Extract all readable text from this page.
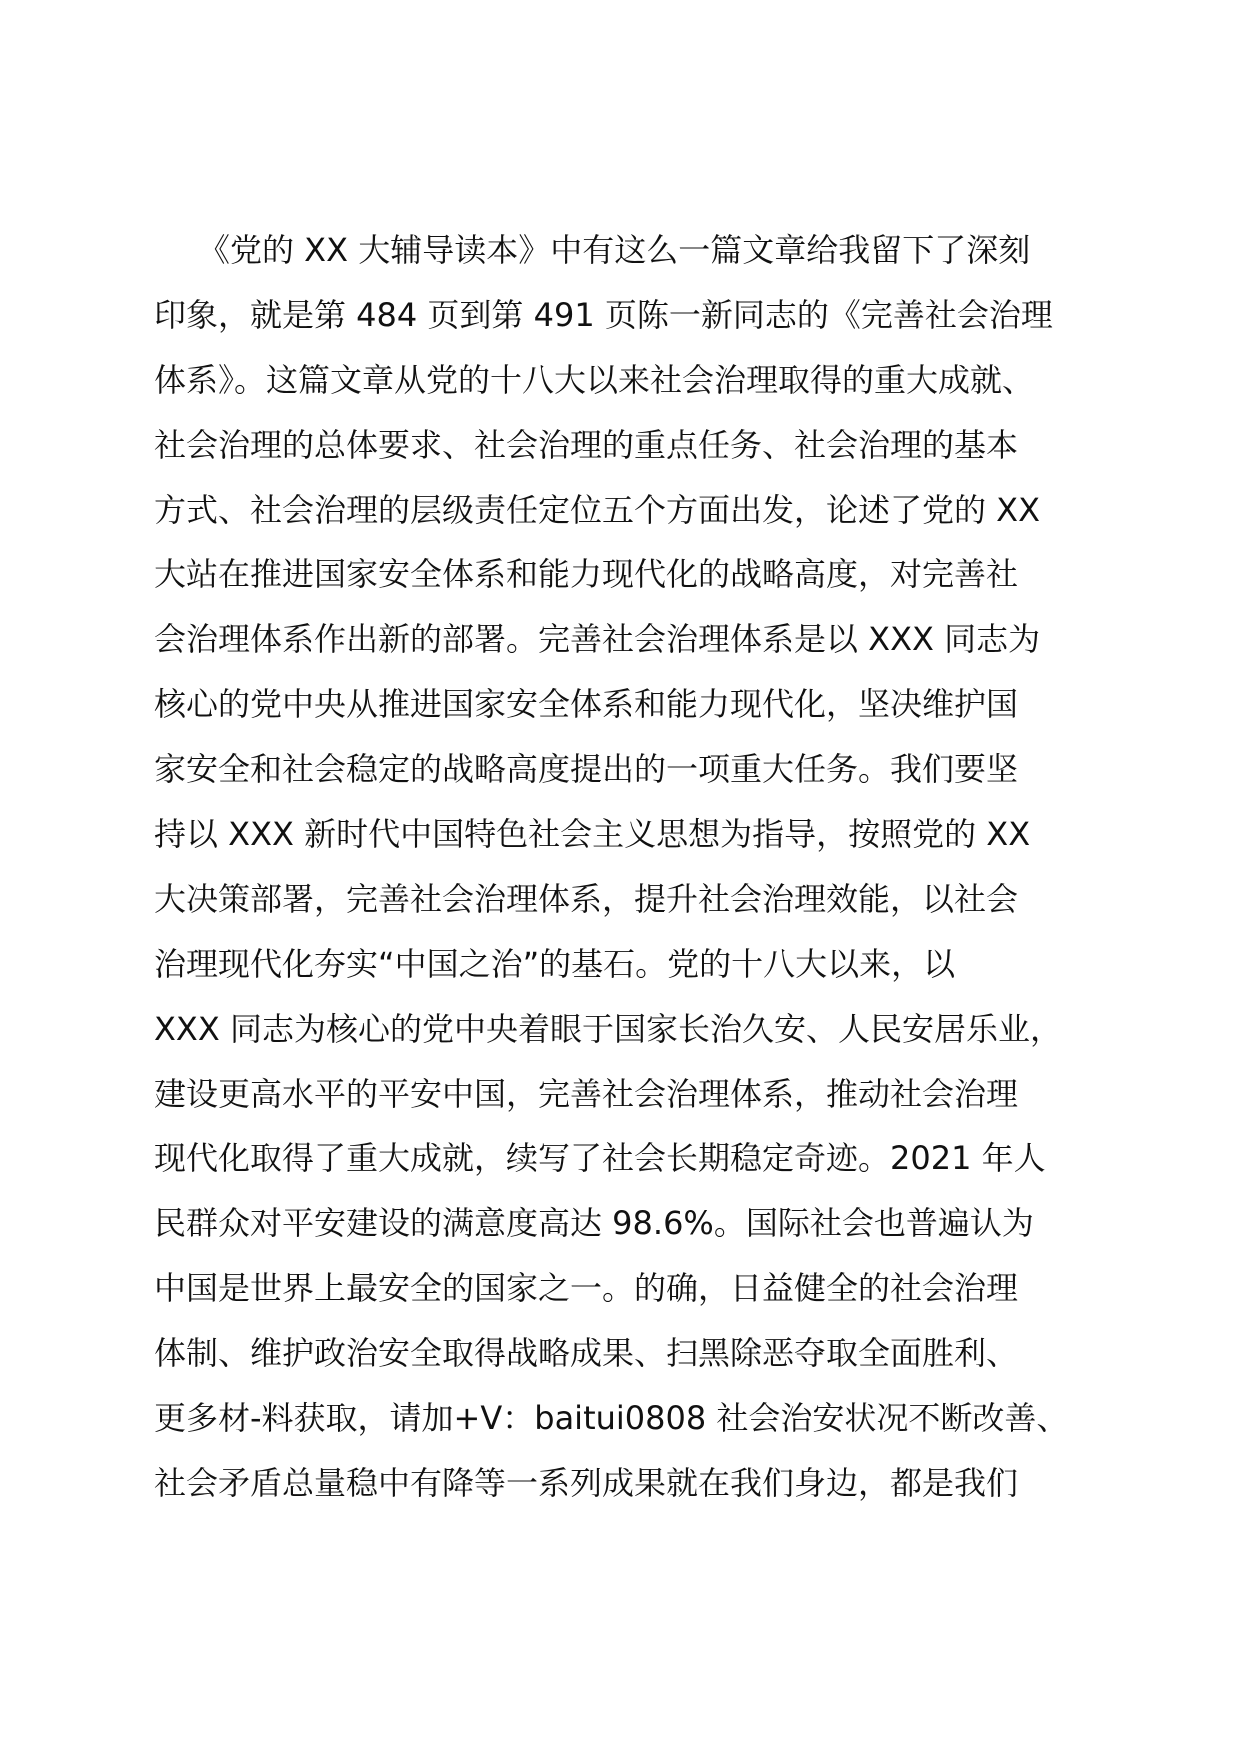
《党的 XX 大辅导读本》中有这么一篇文章给我留下了深刻
印象，就是第 484 页到第 491 页陈一新同志的《完善社会治理
体系》。这篇文章从党的十八大以来社会治理取得的重大成就、
社会治理的总体要求、社会治理的重点任务、社会治理的基本
方式、社会治理的层级责任定位五个方面出发，论述了党的 XX
大站在推进国家安全体系和能力现代化的战略高度，对完善社
会治理体系作出新的部署。完善社会治理体系是以 XXX 同志为
核心的党中央从推进国家安全体系和能力现代化，坚决维护国
家安全和社会稳定的战略高度提出的一项重大任务。我们要坚
持以 XXX 新时代中国特色社会主义思想为指导，按照党的 XX
大决策部署，完善社会治理体系，提升社会治理效能，以社会
治理现代化夯实“中国之治”的基石。党的十八大以来，以
XXX 同志为核心的党中央着眼于国家长治久安、人民安居乐业，
建设更高水平的平安中国，完善社会治理体系，推动社会治理
现代化取得了重大成就，续写了社会长期稳定奇迹。2021 年人
民群众对平安建设的满意度高达 98.6%。国际社会也普遍认为
中国是世界上最安全的国家之一。的确，日益健全的社会治理
体制、维护政治安全取得战略成果、扫黑除恶夺取全面胜利、
更多材-料获取，请加+V：baitui0808 社会治安状况不断改善、
社会矛盾总量稳中有降等一系列成果就在我们身边，都是我们
